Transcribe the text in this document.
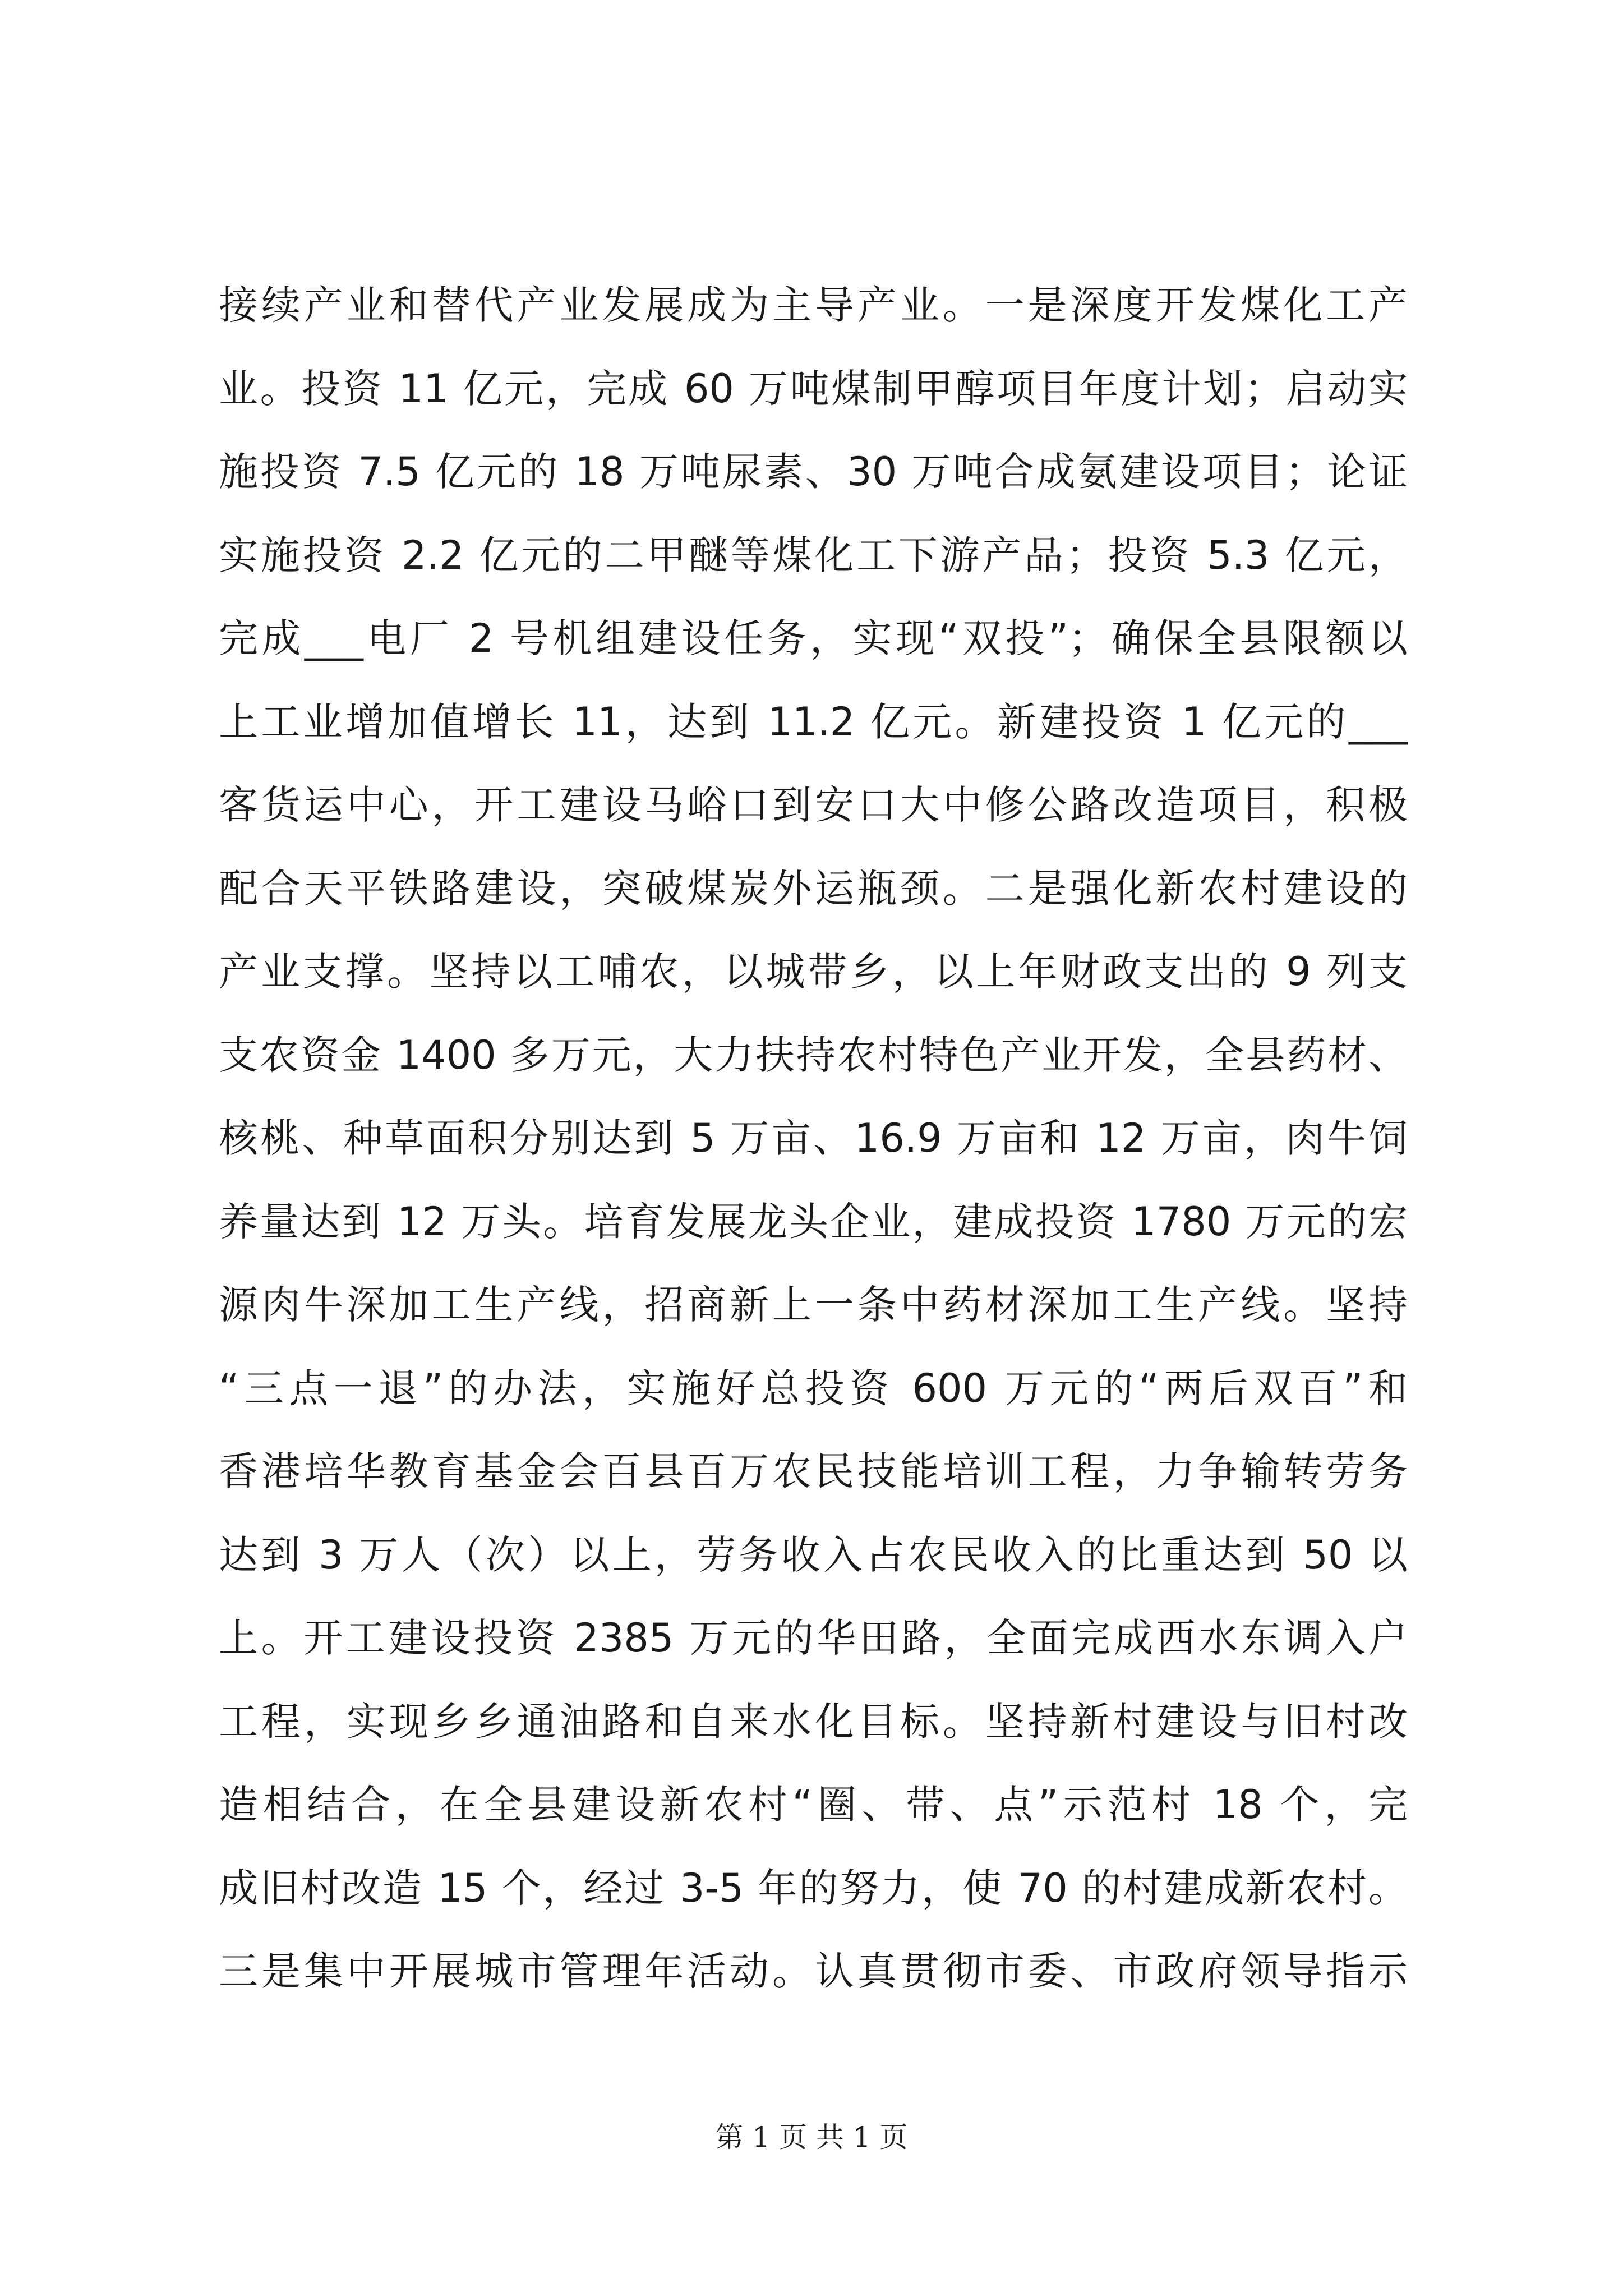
接续产业和替代产业发展成为主导产业。一是深度开发煤化工产
业。投资 11 亿元，完成 60 万吨煤制甲醇项目年度计划；启动实
施投资 7.5 亿元的 18 万吨尿素、30 万吨合成氨建设项目；论证
实施投资 2.2 亿元的二甲醚等煤化工下游产品；投资 5.3 亿元，
完成___电厂 2 号机组建设任务，实现“双投”；确保全县限额以
上工业增加值增长 11，达到 11.2 亿元。新建投资 1 亿元的___
客货运中心，开工建设马峪口到安口大中修公路改造项目，积极
配合天平铁路建设，突破煤炭外运瓶颈。二是强化新农村建设的
产业支撑。坚持以工哺农，以城带乡，以上年财政支出的 9 列支
支农资金 1400 多万元，大力扶持农村特色产业开发，全县药材、
核桃、种草面积分别达到 5 万亩、16.9 万亩和 12 万亩，肉牛饲
养量达到 12 万头。培育发展龙头企业，建成投资 1780 万元的宏
源肉牛深加工生产线，招商新上一条中药材深加工生产线。坚持
“三点一退”的办法，实施好总投资 600 万元的“两后双百”和
香港培华教育基金会百县百万农民技能培训工程，力争输转劳务
达到 3 万人（次）以上，劳务收入占农民收入的比重达到 50 以
上。开工建设投资 2385 万元的华田路，全面完成西水东调入户
工程，实现乡乡通油路和自来水化目标。坚持新村建设与旧村改
造相结合，在全县建设新农村“圈、带、点”示范村 18 个，完
成旧村改造 15 个，经过 3-5 年的努力，使 70 的村建成新农村。
三是集中开展城市管理年活动。认真贯彻市委、市政府领导指示
第 1 页 共 1 页
